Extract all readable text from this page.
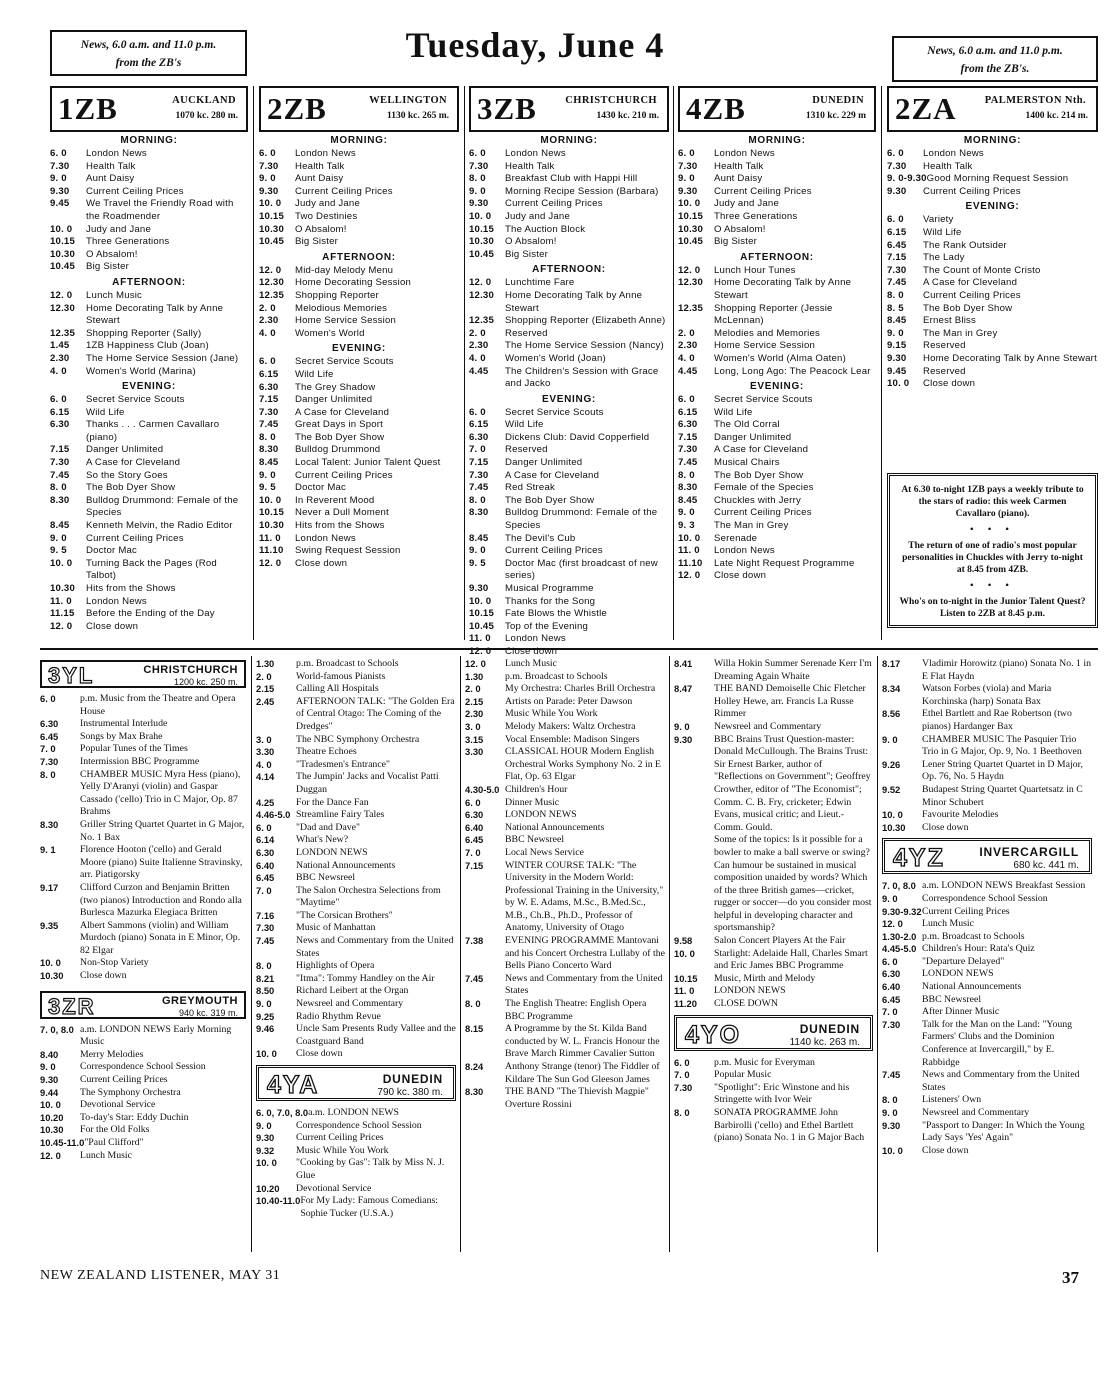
News, 6.0 a.m. and 11.0 p.m.
from the ZB's	Tuesday, June 4	News, 6.0 a.m. and 11.0 p.m.
from the ZB's.
1ZB	AUCKLAND
1070 kc. 280 m.
MORNING:
6. 0	London News
7.30	Health Talk
9. 0	Aunt Daisy
9.30	Current Ceiling Prices
9.45	We Travel the Friendly Road with the Roadmender
10. 0	Judy and Jane
10.15	Three Generations
10.30	O Absalom!
10.45	Big Sister
AFTERNOON:
12. 0	Lunch Music
12.30	Home Decorating Talk by Anne Stewart
12.35	Shopping Reporter (Sally)
1.45	1ZB Happiness Club (Joan)
2.30	The Home Service Session (Jane)
4. 0	Women's World (Marina)
EVENING:
6. 0	Secret Service Scouts
6.15	Wild Life
6.30	Thanks . . . Carmen Cavallaro (piano)
7.15	Danger Unlimited
7.30	A Case for Cleveland
7.45	So the Story Goes
8. 0	The Bob Dyer Show
8.30	Bulldog Drummond: Female of the Species
8.45	Kenneth Melvin, the Radio Editor
9. 0	Current Ceiling Prices
9. 5	Doctor Mac
10. 0	Turning Back the Pages (Rod Talbot)
10.30	Hits from the Shows
11. 0	London News
11.15	Before the Ending of the Day
12. 0	Close down
2ZB	WELLINGTON
1130 kc. 265 m.
MORNING:
6. 0	London News
7.30	Health Talk
9. 0	Aunt Daisy
9.30	Current Ceiling Prices
10. 0	Judy and Jane
10.15	Two Destinies
10.30	O Absalom!
10.45	Big Sister
AFTERNOON:
12. 0	Mid-day Melody Menu
12.30	Home Decorating Session
12.35	Shopping Reporter
2. 0	Melodious Memories
2.30	Home Service Session
4. 0	Women's World
EVENING:
6. 0	Secret Service Scouts
6.15	Wild Life
6.30	The Grey Shadow
7.15	Danger Unlimited
7.30	A Case for Cleveland
7.45	Great Days in Sport
8. 0	The Bob Dyer Show
8.30	Bulldog Drummond
8.45	Local Talent: Junior Talent Quest
9. 0	Current Ceiling Prices
9. 5	Doctor Mac
10. 0	In Reverent Mood
10.15	Never a Dull Moment
10.30	Hits from the Shows
11. 0	London News
11.10	Swing Request Session
12. 0	Close down
3ZB	CHRISTCHURCH
1430 kc. 210 m.
MORNING:
6. 0	London News
7.30	Health Talk
8. 0	Breakfast Club with Happi Hill
9. 0	Morning Recipe Session (Barbara)
9.30	Current Ceiling Prices
10. 0	Judy and Jane
10.15	The Auction Block
10.30	O Absalom!
10.45	Big Sister
AFTERNOON:
12. 0	Lunchtime Fare
12.30	Home Decorating Talk by Anne Stewart
12.35	Shopping Reporter (Elizabeth Anne)
2. 0	Reserved
2.30	The Home Service Session (Nancy)
4. 0	Women's World (Joan)
4.45	The Children's Session with Grace and Jacko
EVENING:
6. 0	Secret Service Scouts
6.15	Wild Life
6.30	Dickens Club: David Copperfield
7. 0	Reserved
7.15	Danger Unlimited
7.30	A Case for Cleveland
7.45	Red Streak
8. 0	The Bob Dyer Show
8.30	Bulldog Drummond: Female of the Species
8.45	The Devil's Cub
9. 0	Current Ceiling Prices
9. 5	Doctor Mac (first broadcast of new series)
9.30	Musical Programme
10. 0	Thanks for the Song
10.15	Fate Blows the Whistle
10.45	Top of the Evening
11. 0	London News
12. 0	Close down
4ZB	DUNEDIN
1310 kc. 229 m
MORNING:
6. 0	London News
7.30	Health Talk
9. 0	Aunt Daisy
9.30	Current Ceiling Prices
10. 0	Judy and Jane
10.15	Three Generations
10.30	O Absalom!
10.45	Big Sister
AFTERNOON:
12. 0	Lunch Hour Tunes
12.30	Home Decorating Talk by Anne Stewart
12.35	Shopping Reporter (Jessie McLennan)
2. 0	Melodies and Memories
2.30	Home Service Session
4. 0	Women's World (Alma Oaten)
4.45	Long, Long Ago: The Peacock Lear
EVENING:
6. 0	Secret Service Scouts
6.15	Wild Life
6.30	The Old Corral
7.15	Danger Unlimited
7.30	A Case for Cleveland
7.45	Musical Chairs
8. 0	The Bob Dyer Show
8.30	Female of the Species
8.45	Chuckles with Jerry
9. 0	Current Ceiling Prices
9. 3	The Man in Grey
10. 0	Serenade
11. 0	London News
11.10	Late Night Request Programme
12. 0	Close down
2ZA	PALMERSTON Nth.
1400 kc. 214 m.
MORNING:
6. 0	London News
7.30	Health Talk
9. 0-9.30 Good Morning Request Session
9.30	Current Ceiling Prices
EVENING:
6. 0	Variety
6.15	Wild Life
6.45	The Rank Outsider
7.15	The Lady
7.30	The Count of Monte Cristo
7.45	A Case for Cleveland
8. 0	Current Ceiling Prices
8. 5	The Bob Dyer Show
8.45	Ernest Bliss
9. 0	The Man in Grey
9.15	Reserved
9.30	Home Decorating Talk by Anne Stewart
9.45	Reserved
10. 0	Close down

At 6.30 to-night 1ZB pays a weekly tribute to the stars of radio: this week Carmen Cavallaro (piano).

• • •

The return of one of radio's most popular personalities in Chuckles with Jerry to-night at 8.45 from 4ZB.

• • •

Who's on to-night in the Junior Talent Quest? Listen to 2ZB at 8.45 p.m.

3YL	CHRISTCHURCH
1200 kc. 250 m.
6. 0	p.m. Music from the Theatre and Opera House
6.30	Instrumental Interlude
6.45	Songs by Max Brahe
7. 0	Popular Tunes of the Times
7.30	Intermission BBC Programme
8. 0	CHAMBER MUSIC Myra Hess (piano), Yelly D'Aranyi (violin) and Gaspar Cassado ('cello) Trio in C Major, Op. 87 Brahms
8.30	Griller String Quartet Quartet in G Major, No. 1 Bax
9. 1	Florence Hooton ('cello) and Gerald Moore (piano) Suite Italienne Stravinsky, arr. Piatigorsky
9.17	Clifford Curzon and Benjamin Britten (two pianos) Introduction and Rondo alla Burlesca Mazurka Elegiaca Britten
9.35	Albert Sammons (violin) and William Murdoch (piano) Sonata in E Minor, Op. 82 Elgar
10. 0	Non-Stop Variety
10.30	Close down
3ZR	GREYMOUTH
940 kc. 319 m.
7. 0, 8.0 a.m. LONDON NEWS Early Morning Music
8.40	Merry Melodies
9. 0	Correspondence School Session
9.30	Current Ceiling Prices
9.44	The Symphony Orchestra
10. 0	Devotional Service
10.20	To-day's Star: Eddy Duchin
10.30	For the Old Folks
10.45-11.0 "Paul Clifford"
12. 0	Lunch Music
1.30	p.m. Broadcast to Schools
2. 0	World-famous Pianists
2.15	Calling All Hospitals
2.45	AFTERNOON TALK: "The Golden Era of Central Otago: The Coming of the Dredges"
3. 0	The NBC Symphony Orchestra
3.30	Theatre Echoes
4. 0	"Tradesmen's Entrance"
4.14	The Jumpin' Jacks and Vocalist Patti Duggan
4.25	For the Dance Fan
4.46-5.0 Streamline Fairy Tales
6. 0	"Dad and Dave"
6.14	What's New?
6.30	LONDON NEWS
6.40	National Announcements
6.45	BBC Newsreel
7. 0	The Salon Orchestra Selections from "Maytime"
7.16	"The Corsican Brothers"
7.30	Music of Manhattan
7.45	News and Commentary from the United States
8. 0	Highlights of Opera
8.21	"Itma": Tommy Handley on the Air
8.50	Richard Leibert at the Organ
9. 0	Newsreel and Commentary
9.25	Radio Rhythm Revue
9.46	Uncle Sam Presents Rudy Vallee and the Coastguard Band
10. 0	Close down
4YA	DUNEDIN
790 kc. 380 m.
6. 0, 7.0, 8.0 a.m. LONDON NEWS
9. 0	Correspondence School Session
9.30	Current Ceiling Prices
9.32	Music While You Work
10. 0	"Cooking by Gas": Talk by Miss N. J. Glue
10.20	Devotional Service
10.40-11.0 For My Lady: Famous Comedians: Sophie Tucker (U.S.A.)
12. 0	Lunch Music
1.30	p.m. Broadcast to Schools
2. 0	My Orchestra: Charles Brill Orchestra
2.15	Artists on Parade: Peter Dawson
2.30	Music While You Work
3. 0	Melody Makers: Waltz Orchestra
3.15	Vocal Ensemble: Madison Singers
3.30	CLASSICAL HOUR Modern English Orchestral Works Symphony No. 2 in E Flat, Op. 63 Elgar
4.30-5.0 Children's Hour
6. 0	Dinner Music
6.30	LONDON NEWS
6.40	National Announcements
6.45	BBC Newsreel
7. 0	Local News Service
7.15	WINTER COURSE TALK: "The University in the Modern World: Professional Training in the University," by W. E. Adams, M.Sc., B.Med.Sc., M.B., Ch.B., Ph.D., Professor of Anatomy, University of Otago
7.38	EVENING PROGRAMME Mantovani and his Concert Orchestra Lullaby of the Bells Piano Concerto Ward
7.45	News and Commentary from the United States
8. 0	The English Theatre: English Opera BBC Programme
8.15	A Programme by the St. Kilda Band conducted by W. L. Francis Honour the Brave March Rimmer Cavalier Sutton
8.24	Anthony Strange (tenor) The Fiddler of Kildare The Sun God Gleeson James
8.30	THE BAND "The Thievish Magpie" Overture Rossini
8.41	Willa Hokin Summer Serenade Kerr I'm Dreaming Again Whaite
8.47	THE BAND Demoiselle Chic Fletcher Holley Hewe, arr. Francis La Russe Rimmer
9. 0	Newsreel and Commentary
9.30	BBC Brains Trust Question-master: Donald McCullough. The Brains Trust: Sir Ernest Barker, author of "Reflections on Government"; Geoffrey Crowther, editor of "The Economist"; Comm. C. B. Fry, cricketer; Edwin Evans, musical critic; and Lieut.-Comm. Gould.
Some of the topics: Is it possible for a bowler to make a ball swerve or swing? Can humour be sustained in musical composition unaided by words? Which of the three British games—cricket, rugger or soccer—do you consider most helpful in developing character and sportsmanship?
9.58	Salon Concert Players At the Fair
10. 0	Starlight: Adelaide Hall, Charles Smart and Eric James BBC Programme
10.15	Music, Mirth and Melody
11. 0	LONDON NEWS
11.20	CLOSE DOWN
4YO	DUNEDIN
1140 kc. 263 m.
6. 0	p.m. Music for Everyman
7. 0	Popular Music
7.30	"Spotlight": Eric Winstone and his Stringette with Ivor Weir
8. 0	SONATA PROGRAMME John Barbirolli ('cello) and Ethel Bartlett (piano) Sonata No. 1 in G Major Bach
8.17	Vladimir Horowitz (piano) Sonata No. 1 in E Flat Haydn
8.34	Watson Forbes (viola) and Maria Korchinska (harp) Sonata Bax
8.56	Ethel Bartlett and Rae Robertson (two pianos) Hardanger Bax
9. 0	CHAMBER MUSIC The Pasquier Trio Trio in G Major, Op. 9, No. 1 Beethoven
9.26	Lener String Quartet Quartet in D Major, Op. 76, No. 5 Haydn
9.52	Budapest String Quartet Quartetsatz in C Minor Schubert
10. 0	Favourite Melodies
10.30	Close down
4YZ	INVERCARGILL
680 kc. 441 m.
7. 0, 8.0 a.m. LONDON NEWS Breakfast Session
9. 0	Correspondence School Session
9.30-9.32 Current Ceiling Prices
12. 0	Lunch Music
1.30-2.0 p.m. Broadcast to Schools
4.45-5.0 Children's Hour: Rata's Quiz
6. 0	"Departure Delayed"
6.30	LONDON NEWS
6.40	National Announcements
6.45	BBC Newsreel
7. 0	After Dinner Music
7.30	Talk for the Man on the Land: "Young Farmers' Clubs and the Dominion Conference at Invercargill," by E. Rabbidge
7.45	News and Commentary from the United States
8. 0	Listeners' Own
9. 0	Newsreel and Commentary
9.30	"Passport to Danger: In Which the Young Lady Says 'Yes' Again"
10. 0	Close down
NEW ZEALAND LISTENER, MAY 31	37
